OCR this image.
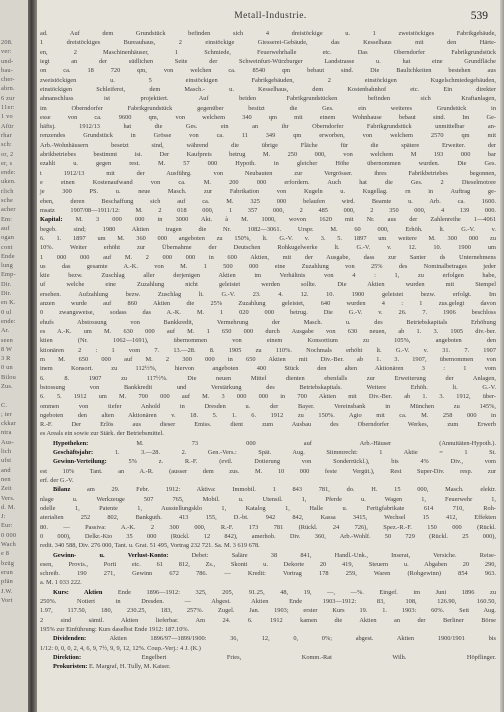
208.
ver:
und-
bau-
cher-
ahrn.
6 zur
11er:
1 vo
Afür
rhar
sch:
or, 2
er, s
ende:
uken.
rlich
sche
acher
Em:
auf
ogan
cont
Ende
lung
Emp-
Dir.
Dir.
en K.
0 ul
ende:
Ar.
seen
8 W
3 R
0 un
Bilou
Zus.
C.
; ter
ckkar
ntra
Aus-
lich
ufst
and
nen
Zeit
Vers.
d. M.
J:
Eur:
0 000
Wach
e 8
bzüg
erun
pfän
J.W.
Vort
Metall-Industrie.	539
ad. Auf dem Grundstück befinden sich 4 dreistöckige u. 1 zweistöckiges Fabrikgebäude,
1 dreistöckiges Bureauhaus, 2 einstöckige Giesserei-Gebäude, das Kesselhaus mit den Härte-
en, 2 Maschinenhäuser, 1 Schmiede, Feuerwehrhalle etc. Das Oberndorfer Fabrikgrundstück
iegt an der südlichen Seite der Schweinfurt-Würzburger Landstrasse u. hat eine Grundfläche
on ca. 18 720 qm, von welchen ca. 8540 qm bebaut sind. Die Baulichkeiten bestehen aus
zweistöckigen u. 5 einstöckigen Fabrikgebäuden, 2 einstöckigen Kugelschmiedegebäuden,
einstöckigen Schleiferei, dem Masch.- u. Kesselhaus, dem Kostenbahnhof etc. Ein direkter
ahnanschluss ist projektiert. Auf beiden Fabrikgrundstücken befinden sich Kraftanlagen,
im Oberndorfer Fabrikgrundstück gegenüber besitzt die Ges. ein weiteres Grundstück in
esse von ca. 9600 qm, von welchem 340 qm mit einem Wohnhause bebaut sind. Im Ge-
häftsj. 1912/13 hat die Ges. ein an ihr Oberndorfer Fabrikgrundstück unmittelbar an-
renzendes Grundstück in Grösse von ca. 11 349 qm erworben, von welchem 2570 qm mit
Arb.-Wohnhäusern besetzt sind, während die übrige Fläche für die spätere Erweiter. der
abrikbetriebes bestimmt ist. Der Kaufpreis betrug M. 250 000, von welchem M 193 000 bar
ezahlt u. gegen rest. M. 57 000 Hypoth. in gleicher Höhe übernommen wurden. Die Ges.
t 1912/13 mit der Ausführg. von Neubauten zur Vergrösser. ihres Fabrikbetriebes begonnen,
e einen Kostenaufwand von ca. M. 200 000 erfordern. Auch hat die Ges. 2 Dieselmotore
je 300 PS. u. neue Masch. zur Fabrikation von Kugeln u. Kugellag. rn in Auftrag ge-
eben, deren Beschaffung sich auf ca. M. 325 000 belaufen wird. Beamte u. Arb. ca. 1600.
msatz 1907/08—1911/12: M. 2 018 000, 1 357 000, 2 485 000, 2 350 000, 4 139 000.
Kapital: M. 3 000 000 in 3000 Akt. à M. 1000, wovon 1620 mit Nr. aus der Zahlenreihe 1—4061
begeb. sind; 1980 Aktien tragen die Nr. 1082—3061. Urspr. M. 60 000, Erhöh. lt. G.-V. v.
6. 1. 1897 um M. 360 000 angeboten zu 150%, lt. G.-V. v. 3. 5. 1897 um weitere M. 300 000 zu
10%. Weiter erhöht zur Übernahme der Deutschen Rohkugelwerke lt. G.-V. v. 12. 10. 1900 um
1 000 000 auf M. 2 000 000 in 600 Aktien, mit der Ausgabe, dass zur Sanier ds Unternehmens
us das gesamte A.-K. von M. 1 500 000 eine Zuzahlung von 25% des Nominalbetrages jeder
ktie bezw. Zuschlag aller derjenigen Aktien im Verhältnis von 4 : 1, zu erfolgen habe,
uf welche eine Zuzahlung nicht geleistet werden sollte. Die Aktien wurden mit Stempel
ersehen. Aufzahlung bezw. Zuschlag lt. G.-V. 23. 4. 12. 10. 1900 geleistet bezw. erfolgt. Im
anzen wurde auf 860 Aktien die 25% Zuzahlung geleistet, 640 wurden 4 : 1 zus.gelegt davon
0 zwangsweise, sodass das A.-K. M. 1 020 000 betrug. Die G.-V. v. 26. 7. 1906 beschloss
ehufs Abstossung von Bankkredit, Vermehrung der Masch. u. des Betriebskapitals Erhöhung
es A.-K. um M. 630 000 auf M. 1 650 000 durch Ausgabe von 630 neuen, ab 1. 3. 1905 div.-ber.
ktien (Nr. 1062—1691), übernommen von einem Konsortium zu 105%, angeboten den
ktionären 2 : 1 vom 7. 13.—28. 8. 1905 zu 110%. Nochmals erhöht lt. G.-V. v. 31. 7. 1907
m M. 650 000 auf M. 2 300 000 in 650 Aktien mit Div.-Ber. ab 1. 3. 1907, übernommen von
inem Konsort. zu 112½%, hiervon angeboten 400 Stück den alten Aktionären 3 : 1 vom
6. 8. 1907 zu 117½%. Die neuen Mittel dienten ebenfalls zur Erweiterung der Anlagen,
bstossung von Bankkredit und Verstärkung des Betriebskapitals. Weitere Erhöh. lt. G.-V.
6. 5. 1912 um M. 700 000 auf M. 3 000 000 in 700 Aktien mit Div.-Ber. ab 1. 3. 1912, über-
ommen von tiefer Anhold in Dresden u. der Bayer. Vereinsbank in München zu 145%,
ngeboten den alten Aktionären v. 18. 5. 1. 6. 1912 zu 150%. Agio mit ca. M. 258 000 in
R.-F. Der Erlös aus dieser Emiss. dient zum Ausbau des Oberndorfer Werkes, zum Erwerb
es Areals ein sowie zur Stärk. der Betriebsmittel.
Hypotheken: M. 73 000 auf Arb.-Häuser (Annuitäten-Hypoth.).
Geschäftsjahr: 1. 3.—28. 2. Gen.-Vers.: Spät. Aug. Stimmrecht: 1 Aktie = 1 St.
Gewinn-Verteilung: 5% z. R.-F. (evtl. Dotierung von Sonderrückl.), bis 4% Div., vom
est 10% Tant. an A.-R. (ausser dem zus. M. 10 000 feste Vergüt.), Rest Super-Div. resp. zur
erf. der G.-V.
Bilanz am 29. Febr. 1912: Aktiva: Immobil. 1 843 781, do. H. 15 000, Masch. elektr.
nlage u. Werkzeuge 507 765, Mobil. u. Utensil. 1, Pferde u. Wagen 1, Feuerwehr 1,
odelle 1, Patente 1, Ausstellungsklo 1, Katalog 1, Halle u. Fertigfabrikate 614 710, Roh-
aterialien 252 802, Bankguth. 413 155, D.-bt. 942 842, Kassa 3415, Wechsel 15 412, Effekten
80. — Passiva: A.-K. 2 300 000, R.-F. 173 781 (Rückl. 24 726), Spez.-R.-F. 150 000 (Rückl.
0 000), Delkr.-Kto 35 000 (Rückl. 12 842), amerhob. Div. 360, Arb.-Wohlf. 50 729 (Rückl. 25 000),
redit. 340 588, Div. 276 000, Tant. u. Grat. 51 495, Vortrag 232 721. Sa. M. 3 619 678.
Gewinn- u. Verlust-Konto: Debet: Saläre 38 841, Handl.-Unk., Inserat, Versiche. Reise-
esen, Provis., Porti etc. 61 812, Zs., Skonti u. Dekorte 20 419, Steuern u. Abgaben 20 290,
schreib. 190 271, Gewinn 672 786. — Kredit: Vortrag 178 259, Waren (Rohgewinn) 854 963.
a. M. 1 033 222.
Kurs: Aktien Ende 1896—1912: 325, 205, 91.25, 48, 19, —, —%. Eingef. im Juni 1896 zu
250%. Notiert in Dresden. — Abgest. Aktien Ende 1903—1912: 83, 108, 126.90, 160.50,
1.97, 117.50, 180, 230.25, 183, 257%. Zugel. Jan. 1903; erster Kurs 19. 1. 1903: 60%. Seit Aug.
2 sind sämtl. Aktien lieferbar. Am 24. 6. 1912 kamen die Aktien an der Berliner Börse
195% zur Einführung: Kurs daselbst Ende 1912: 187.10%.
Dividenden: Aktien 1896/97—1899/1900: 36, 12, 0, 0%; abgest. Aktien 1900/1901 bis
1/12: 0, 0, 0, 2, 4, 6, 9, 7½, 9, 9, 12, 12%. Coup.-Verj.: 4 J. (K.)
Direktion: Engelbert Fries, Komm.-Rat Wilh. Höpflinger.
Prokuristen: E. Margraf, H. Tully, M. Kaiser.
